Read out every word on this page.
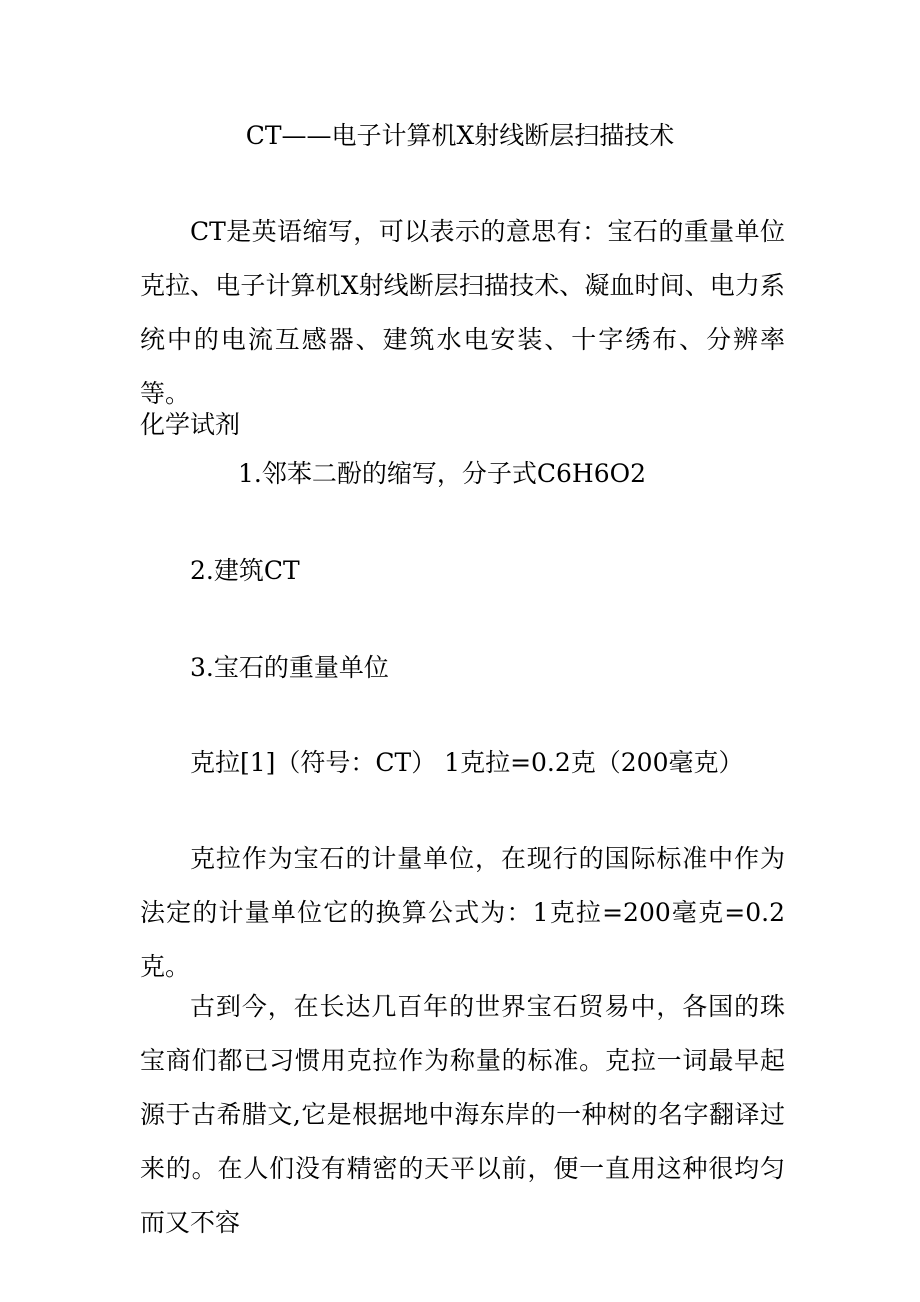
CT——电子计算机X射线断层扫描技术

CT是英语缩写，可以表示的意思有：宝石的重量单位克拉、电子计算机X射线断层扫描技术、凝血时间、电力系统中的电流互感器、建筑水电安装、十字绣布、分辨率等。

化学试剂

1.邻苯二酚的缩写，分子式C6H6O2

2.建筑CT

3.宝石的重量单位

克拉[1]（符号：CT） 1克拉=0.2克（200毫克）

克拉作为宝石的计量单位，在现行的国际标准中作为法定的计量单位它的换算公式为：1克拉=200毫克=0.2克。

古到今，在长达几百年的世界宝石贸易中，各国的珠宝商们都已习惯用克拉作为称量的标准。克拉一词最早起源于古希腊文,它是根据地中海东岸的一种树的名字翻译过来的。在人们没有精密的天平以前，便一直用这种很均匀而又不容
